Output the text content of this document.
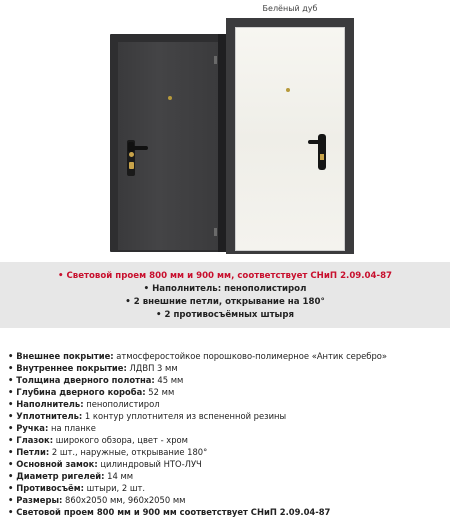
Белёный дуб
• Световой проем 800 мм и 900 мм, соответствует СНиП 2.09.04-87
• Наполнитель: пенополистирол
• 2 внешние петли, открывание на 180°
• 2 противосъёмных штыря
• Внешнее покрытие: атмосферостойкое порошково-полимерное «Антик серебро»
• Внутреннее покрытие: ЛДВП 3 мм
• Толщина дверного полотна: 45 мм
• Глубина дверного короба: 52 мм
• Наполнитель: пенополистирол
• Уплотнитель: 1 контур уплотнителя из вспененной резины
• Ручка: на планке
• Глазок: широкого обзора, цвет - хром
• Петли: 2 шт., наружные, открывание 180°
• Основной замок: цилиндровый НТО-ЛУЧ
• Диаметр ригелей: 14 мм
• Противосъём: штыри, 2 шт.
• Размеры: 860х2050 мм, 960х2050 мм
• Световой проем 800 мм и 900 мм соответствует СНиП 2.09.04-87
